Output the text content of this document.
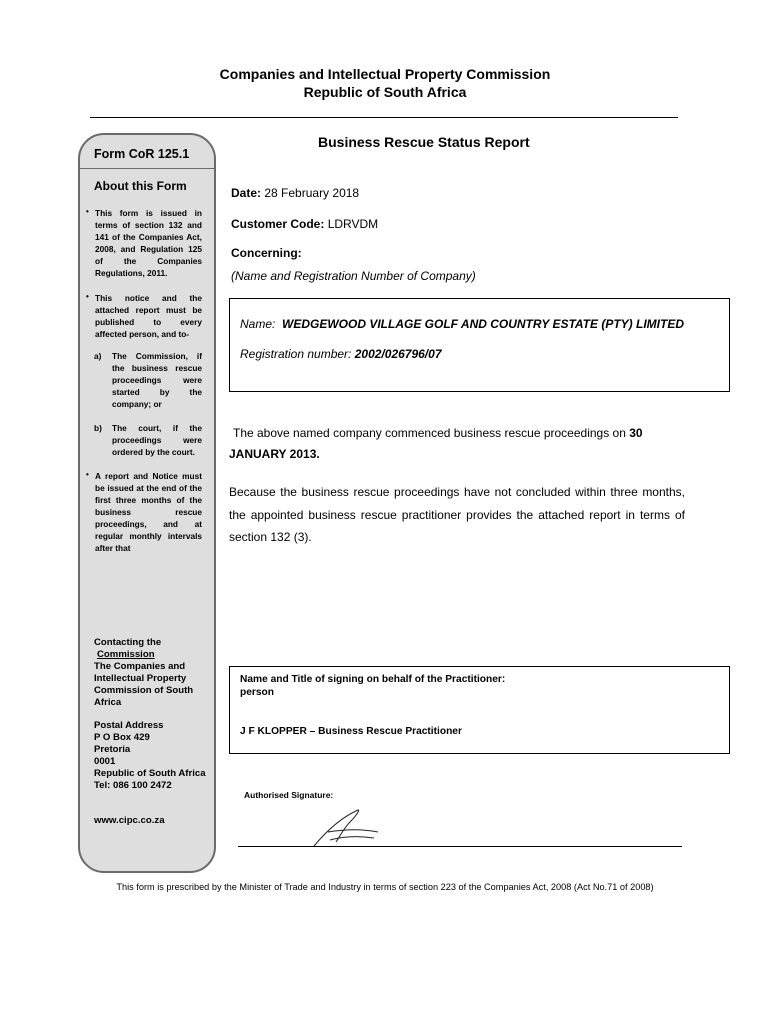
Companies and Intellectual Property Commission
Republic of South Africa
Form CoR 125.1
About this Form
• This form is issued in terms of section 132 and 141 of the Companies Act, 2008, and Regulation 125 of the Companies Regulations, 2011.
• This notice and the attached report must be published to every affected person, and to-
a) The Commission, if the business rescue proceedings were started by the company; or
b) The court, if the proceedings were ordered by the court.
• A report and Notice must be issued at the end of the first three months of the business rescue proceedings, and at regular monthly intervals after that
Contacting the
Commission
The Companies and Intellectual Property Commission of South Africa
Postal Address
P O Box 429
Pretoria
0001
Republic of South Africa
Tel: 086 100 2472
www.cipc.co.za
Business Rescue Status Report
Date: 28 February 2018
Customer Code: LDRVDM
Concerning:
(Name and Registration Number of Company)
Name: WEDGEWOOD VILLAGE GOLF AND COUNTRY ESTATE (PTY) LIMITED
Registration number: 2002/026796/07
The above named company commenced business rescue proceedings on 30
JANUARY 2013.
Because the business rescue proceedings have not concluded within three months, the appointed business rescue practitioner provides the attached report in terms of section 132 (3).
Name and Title of signing on behalf of the Practitioner:
person
J F KLOPPER – Business Rescue Practitioner
Authorised Signature:
This form is prescribed by the Minister of Trade and Industry in terms of section 223 of the Companies Act, 2008 (Act No.71 of 2008)
